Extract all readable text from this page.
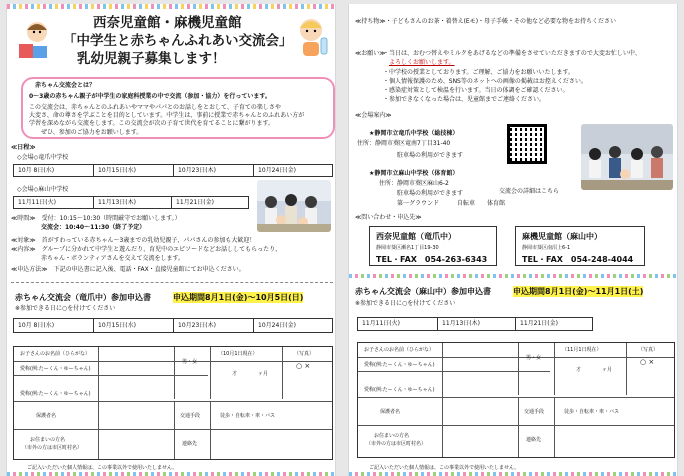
西奈児童館・麻機児童館
「中学生と赤ちゃんふれあい交流会」
乳幼児親子募集します！
赤ちゃん交流会とは？
0～3歳の赤ちゃん親子が中学生の家庭科授業の中で交流（参加・協力）を行っています。
この交流会は、赤ちゃんとのふれあいやママやパパとのお話しをとおして、子育ての楽しさや
大変さ、命の尊さを学ぶことを目的としています。中学生は、事前に授業で赤ちゃんとのふれあい方が
学習を深めながら交流をします。この交流会が次の子育て世代を育てることに繋がります。
ぜひ、参加のご協力をお願いします。
≪日程≫
◇会場◇竜爪中学校
10月 8日(水)	10月15日(水)	10月23日(木)	10月24日(金)
◇会場◇麻山中学校
11月11日(火)	11月13日(木)	11月21日(金)
≪時間≫　受付：10:15～10:30（時間厳守でお願いします。）
　　　　　交流会：10:40～11:30（終了予定）
≪対象≫　首がすわっている赤ちゃん～3歳までの乳幼児親子、パパさんの参加も大歓迎！
≪内容≫　グループに分かれて中学生と遊んだり、育児中のエピソードなどお話ししてもらったり、
　　　　　赤ちゃん・ボランティアさんを交えて交流をします。
≪申込方法≫　下記の申込書に記入後、電話・FAX・直接児童館にてお申込ください。
赤ちゃん交流会（竜爪中）参加申込書	申込期間8月1日(金)～10月5日(日)
※参加できる日に○を付けてください
10月 8日(水)	10月15日(水)	10月23日(木)	10月24日(金)
お子さんのお名前（ひらがな）
愛称(例:たーくん・ゆーちゃん)
男・女
（10月1日現在）
才	ヶ月
（写真）
○ ×
愛称(例:たーくん・ゆーちゃん)
保護者名	交通手段	徒歩・自転車・車・バス
お住まいの方名
（市外の方は市区町村名）
連絡先
ご記入いただいた個人情報は、この事業以外で使用いたしません。
≪持ち物≫・子どもさんのお茶・着替え(Eモ)・母子手帳・その他など必要な物をお持ちください
≪お願い≫
・当日は、おむつ替えやミルクをあげるなどの準備をさせていただきますので大変お忙しい中、
よろしくお願いします。
・中学校の授業としております。ご理解、ご協力をお願いいたします。
・個人情報保護のため、SNS等のネットへの画像の掲載はお控えください。
・感染症対策として検温を行います。当日の体調をご確認ください。
・参加できなくなった場合は、児童館までご連絡ください。
≪会場案内≫
★静岡市立竜爪中学校（総技棟）
住所：静岡市葵区竜南7丁目31-40
駐車場の利用ができます
★静岡市立麻山中学校（体育館）
住所：静岡市葵区麻山6-2
駐車場の利用ができます
第一グラウンド　　　自転車　　体育館
交流会の詳細はこちら
≪問い合わせ・申込先≫
西奈児童館（竜爪中）
静岡市葵区瀬名1丁目19-30
TEL・FAX　054-263-6343
麻機児童館（麻山中）
静岡市葵区南沼上6-1
TEL・FAX　054-248-4044
赤ちゃん交流会（麻山中）参加申込書	申込期間8月1日(金)～11月1日(土)
※参加できる日に○を付けてください
11月11日(火)	11月13日(木)	11月21日(金)
お子さんのお名前（ひらがな）
愛称(例:たーくん・ゆーちゃん)
男・女
（11月1日現在）
才	ヶ月
（写真）
○ ×
愛称(例:たーくん・ゆーちゃん)
保護者名	交通手段	徒歩・自転車・車・バス
お住まいの方名
（市外の方は市区町村名）
連絡先
ご記入いただいた個人情報は、この事業以外で使用いたしません。
